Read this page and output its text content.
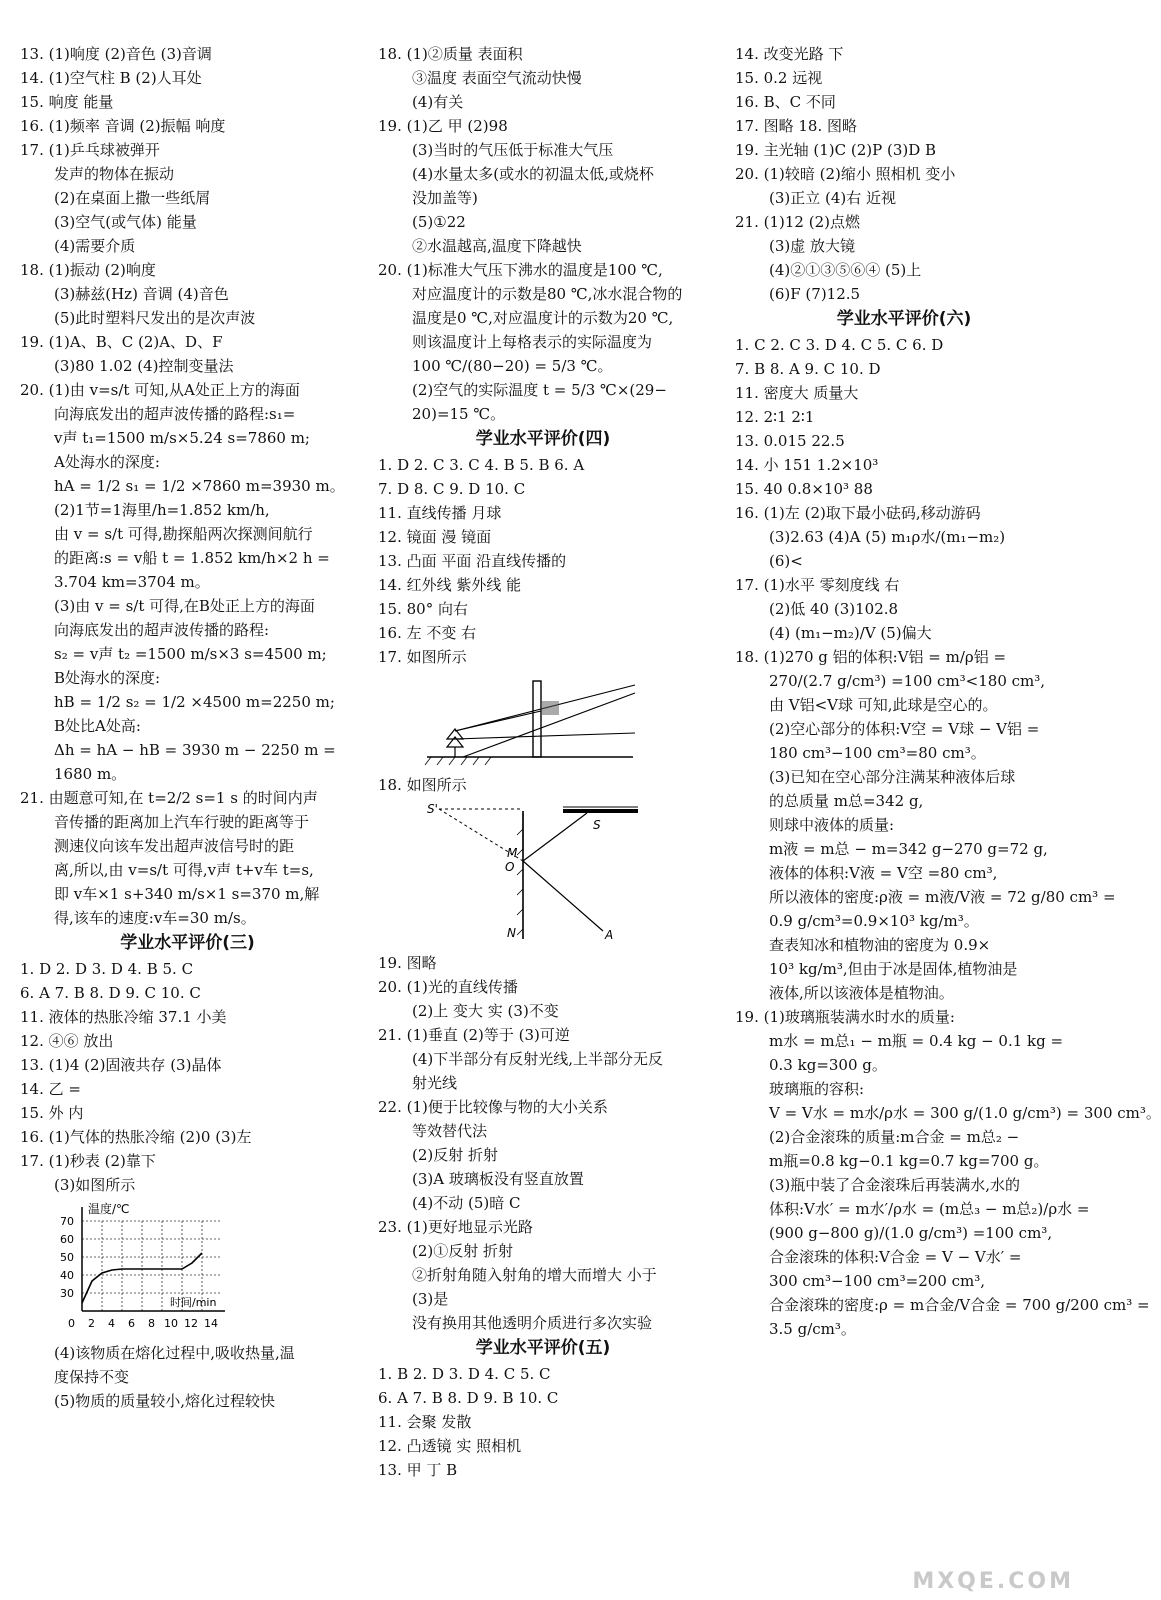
13. (1)响度 (2)音色 (3)音调
14. (1)空气柱 B (2)人耳处
15. 响度 能量
16. (1)频率 音调 (2)振幅 响度
17. (1)乒乓球被弹开
发声的物体在振动
(2)在桌面上撒一些纸屑
(3)空气(或气体) 能量
(4)需要介质
18. (1)振动 (2)响度
(3)赫兹(Hz) 音调 (4)音色
(5)此时塑料尺发出的是次声波
19. (1)A、B、C (2)A、D、F
(3)80 1.02 (4)控制变量法
20. (1)由 v=s/t 可知,从A处正上方的海面
向海底发出的超声波传播的路程:s₁=
v声 t₁=1500 m/s×5.24 s=7860 m;
A处海水的深度:
hA = 1/2 s₁ = 1/2 ×7860 m=3930 m。
(2)1节=1海里/h=1.852 km/h,
由 v = s/t 可得,勘探船两次探测间航行
的距离:s = v船 t = 1.852 km/h×2 h =
3.704 km=3704 m。
(3)由 v = s/t 可得,在B处正上方的海面
向海底发出的超声波传播的路程:
s₂ = v声 t₂ =1500 m/s×3 s=4500 m;
B处海水的深度:
hB = 1/2 s₂ = 1/2 ×4500 m=2250 m;
B处比A处高:
Δh = hA − hB = 3930 m − 2250 m =
1680 m。
21. 由题意可知,在 t=2/2 s=1 s 的时间内声
音传播的距离加上汽车行驶的距离等于
测速仪向该车发出超声波信号时的距
离,所以,由 v=s/t 可得,v声 t+v车 t=s,
即 v车×1 s+340 m/s×1 s=370 m,解
得,该车的速度:v车=30 m/s。
学业水平评价(三)
1. D 2. D 3. D 4. B 5. C
6. A 7. B 8. D 9. C 10. C
11. 液体的热胀冷缩 37.1 小美
12. ④⑥ 放出
13. (1)4 (2)固液共存 (3)晶体
14. 乙 =
15. 外 内
16. (1)气体的热胀冷缩 (2)0 (3)左
17. (1)秒表 (2)靠下
(3)如图所示
温度/℃
时间/min
70
60
50
40
30
0 2 4 6 8 10 12 14
(4)该物质在熔化过程中,吸收热量,温
度保持不变
(5)物质的质量较小,熔化过程较快
18. (1)②质量 表面积
③温度 表面空气流动快慢
(4)有关
19. (1)乙 甲 (2)98
(3)当时的气压低于标准大气压
(4)水量太多(或水的初温太低,或烧杯
没加盖等)
(5)①22
②水温越高,温度下降越快
20. (1)标准大气压下沸水的温度是100 ℃,
对应温度计的示数是80 ℃,冰水混合物的
温度是0 ℃,对应温度计的示数为20 ℃,
则该温度计上每格表示的实际温度为
100 ℃/(80−20) = 5/3 ℃。
(2)空气的实际温度 t = 5/3 ℃×(29−
20)=15 ℃。
学业水平评价(四)
1. D 2. C 3. C 4. B 5. B 6. A
7. D 8. C 9. D 10. C
11. 直线传播 月球
12. 镜面 漫 镜面
13. 凸面 平面 沿直线传播的
14. 红外线 紫外线 能
15. 80° 向右
16. 左 不变 右
17. 如图所示
18. 如图所示
S'
S
M
O
N	A
19. 图略
20. (1)光的直线传播
(2)上 变大 实 (3)不变
21. (1)垂直 (2)等于 (3)可逆
(4)下半部分有反射光线,上半部分无反
射光线
22. (1)便于比较像与物的大小关系
等效替代法
(2)反射 折射
(3)A 玻璃板没有竖直放置
(4)不动 (5)暗 C
23. (1)更好地显示光路
(2)①反射 折射
②折射角随入射角的增大而增大 小于
(3)是
没有换用其他透明介质进行多次实验
学业水平评价(五)
1. B 2. D 3. D 4. C 5. C
6. A 7. B 8. D 9. B 10. C
11. 会聚 发散
12. 凸透镜 实 照相机
13. 甲 丁 B
14. 改变光路 下
15. 0.2 远视
16. B、C 不同
17. 图略 18. 图略
19. 主光轴 (1)C (2)P (3)D B
20. (1)较暗 (2)缩小 照相机 变小
(3)正立 (4)右 近视
21. (1)12 (2)点燃
(3)虚 放大镜
(4)②①③⑤⑥④ (5)上
(6)F (7)12.5
学业水平评价(六)
1. C 2. C 3. D 4. C 5. C 6. D
7. B 8. A 9. C 10. D
11. 密度大 质量大
12. 2∶1 2∶1
13. 0.015 22.5
14. 小 151 1.2×10³
15. 40 0.8×10³ 88
16. (1)左 (2)取下最小砝码,移动游码
(3)2.63 (4)A (5) m₁ρ水/(m₁−m₂)
(6)<
17. (1)水平 零刻度线 右
(2)低 40 (3)102.8
(4) (m₁−m₂)/V (5)偏大
18. (1)270 g 铝的体积:V铝 = m/ρ铝 =
270/(2.7 g/cm³) =100 cm³<180 cm³,
由 V铝<V球 可知,此球是空心的。
(2)空心部分的体积:V空 = V球 − V铝 =
180 cm³−100 cm³=80 cm³。
(3)已知在空心部分注满某种液体后球
的总质量 m总=342 g,
则球中液体的质量:
m液 = m总 − m=342 g−270 g=72 g,
液体的体积:V液 = V空 =80 cm³,
所以液体的密度:ρ液 = m液/V液 = 72 g/80 cm³ =
0.9 g/cm³=0.9×10³ kg/m³。
查表知冰和植物油的密度为 0.9×
10³ kg/m³,但由于冰是固体,植物油是
液体,所以该液体是植物油。
19. (1)玻璃瓶装满水时水的质量:
m水 = m总₁ − m瓶 = 0.4 kg − 0.1 kg =
0.3 kg=300 g。
玻璃瓶的容积:
V = V水 = m水/ρ水 = 300 g/(1.0 g/cm³) = 300 cm³。
(2)合金滚珠的质量:m合金 = m总₂ −
m瓶=0.8 kg−0.1 kg=0.7 kg=700 g。
(3)瓶中装了合金滚珠后再装满水,水的
体积:V水′ = m水′/ρ水 = (m总₃ − m总₂)/ρ水 =
(900 g−800 g)/(1.0 g/cm³) =100 cm³,
合金滚珠的体积:V合金 = V − V水′ =
300 cm³−100 cm³=200 cm³,
合金滚珠的密度:ρ = m合金/V合金 = 700 g/200 cm³ =
3.5 g/cm³。
MXQE.COM
